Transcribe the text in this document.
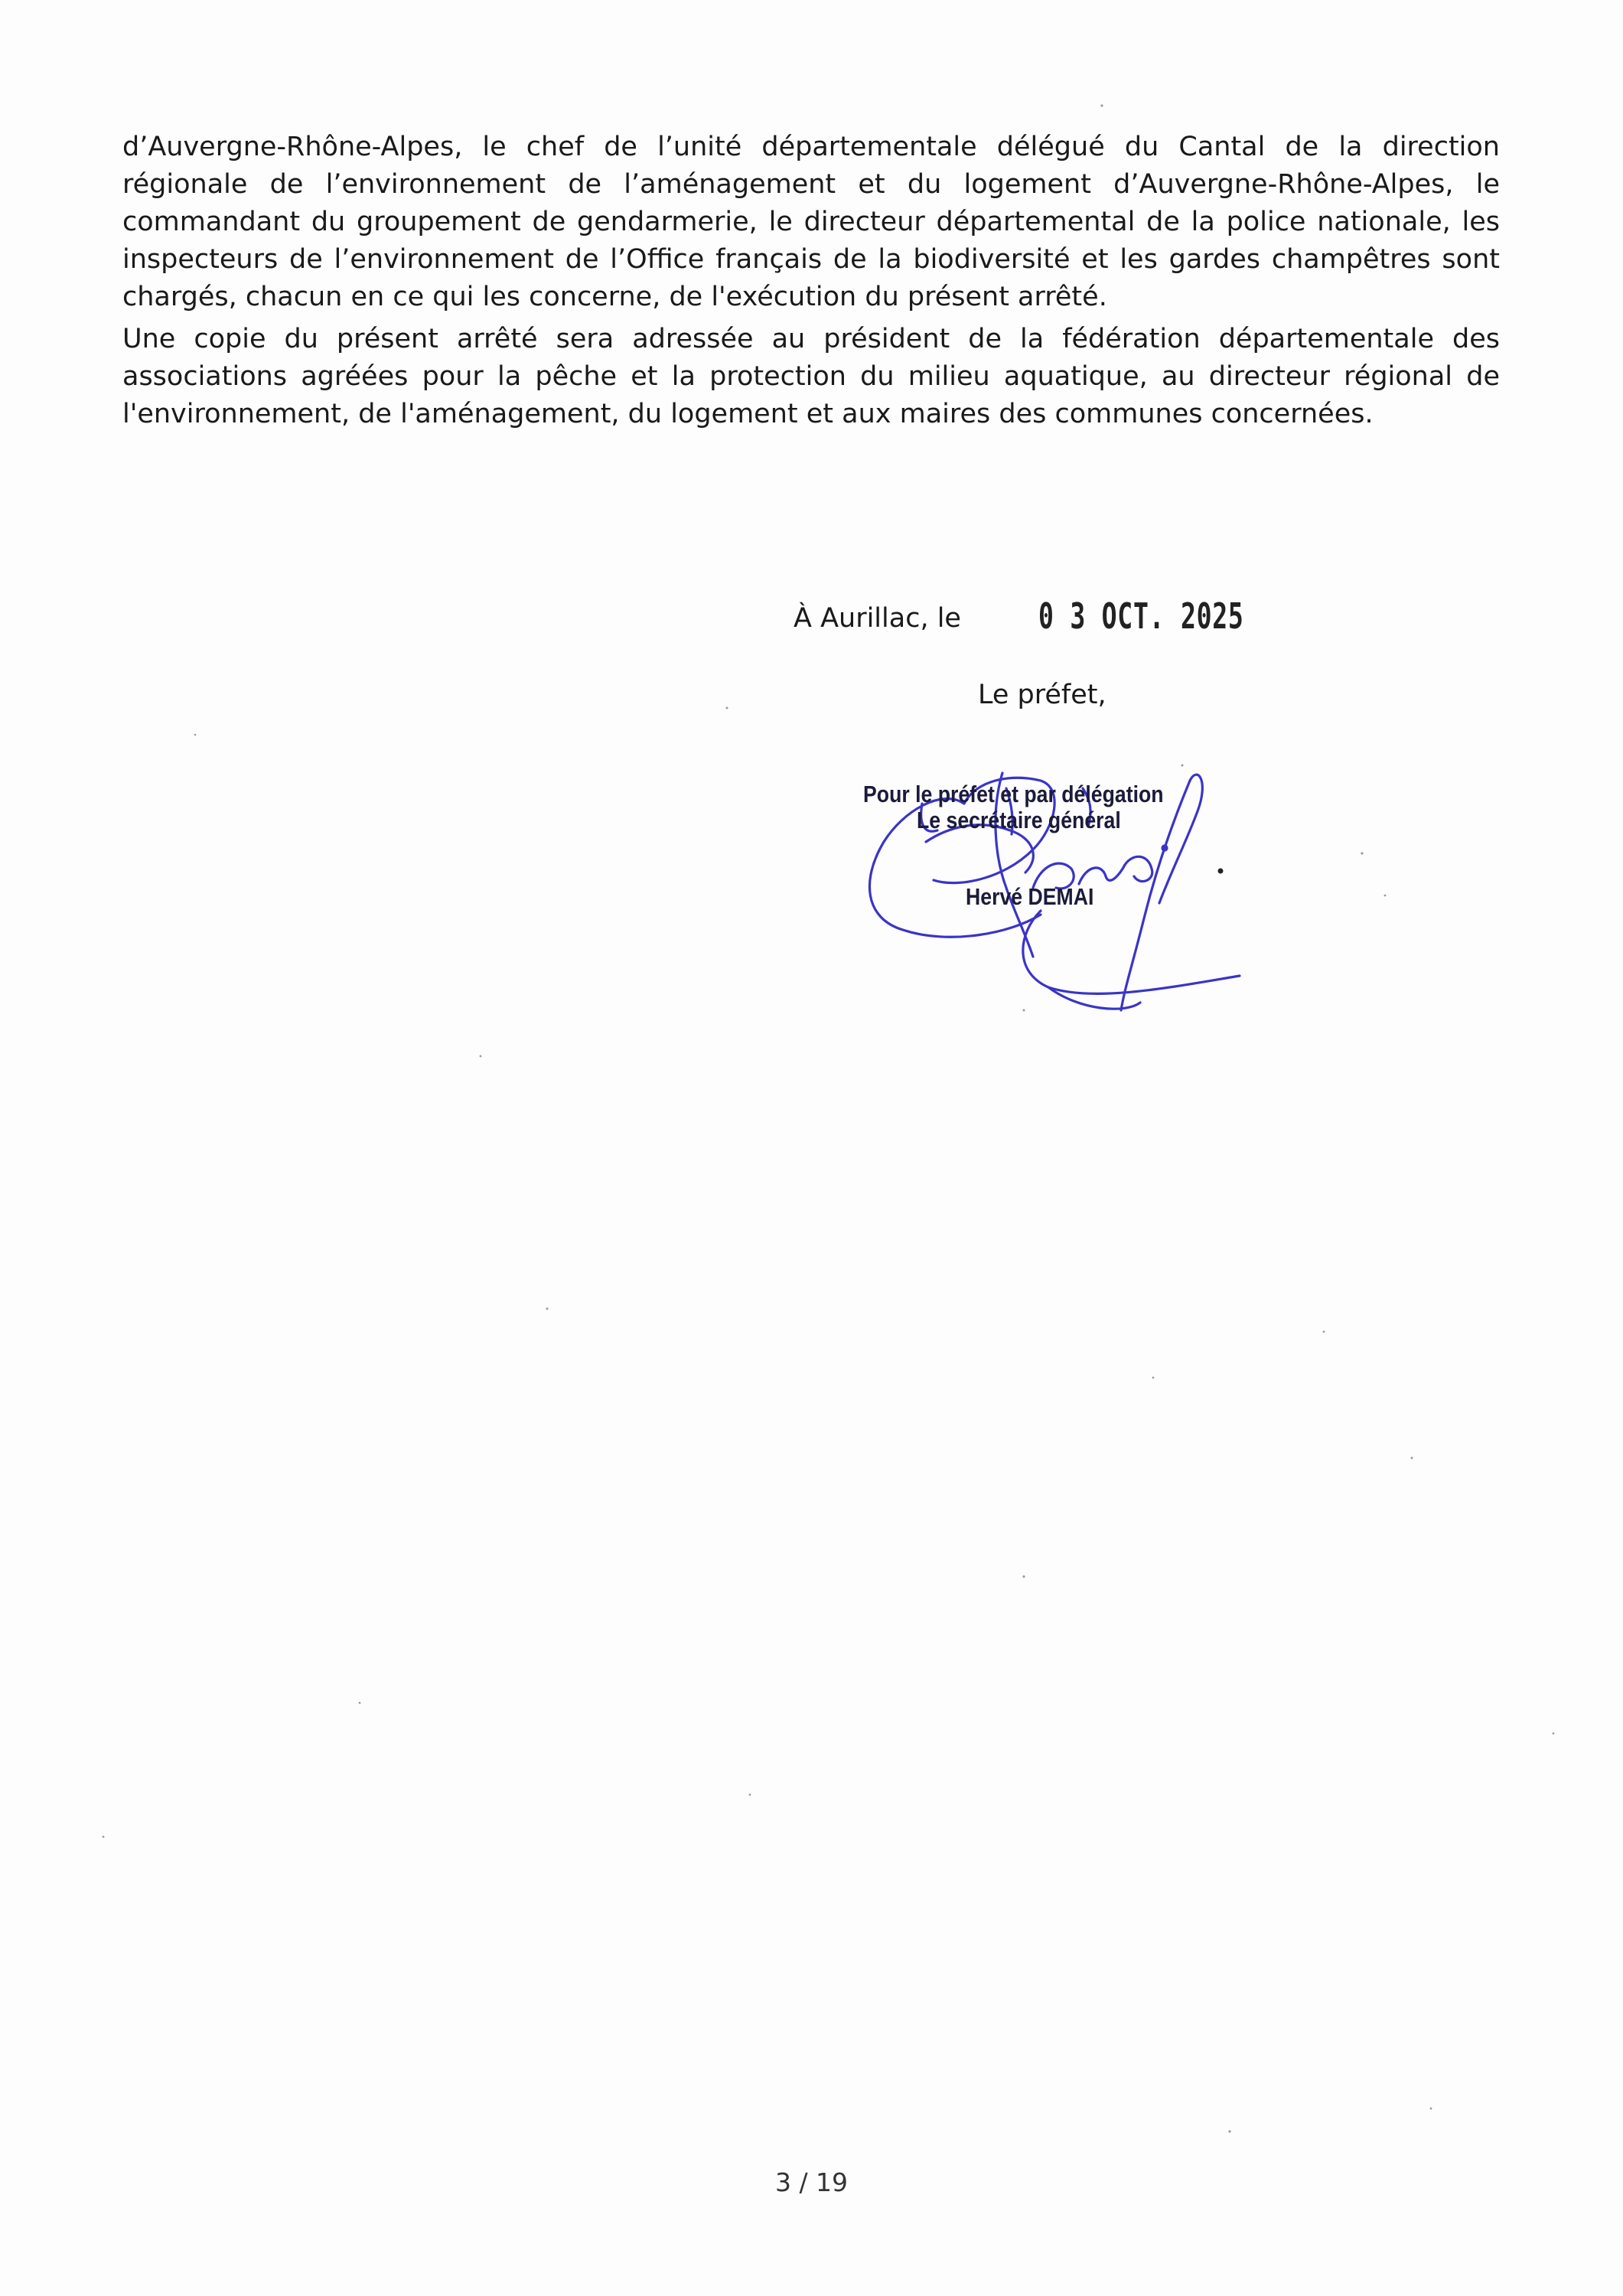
d’Auvergne-Rhône-Alpes, le chef de l’unité départementale délégué du Cantal de la direction régionale de l’environnement de l’aménagement et du logement d’Auvergne-Rhône-Alpes, le commandant du groupement de gendarmerie, le directeur départemental de la police nationale, les inspecteurs de l’environnement de l’Office français de la biodiversité et les gardes champêtres sont chargés, chacun en ce qui les concerne, de l'exécution du présent arrêté.

Une copie du présent arrêté sera adressée au président de la fédération départementale des associations agréées pour la pêche et la protection du milieu aquatique, au directeur régional de l'environnement, de l'aménagement, du logement et aux maires des communes concernées.

À Aurillac, le 0 3 OCT. 2025
Le préfet,
Pour le préfet et par délégation
Le secrétaire général
Hervé DEMAI
3 / 19
